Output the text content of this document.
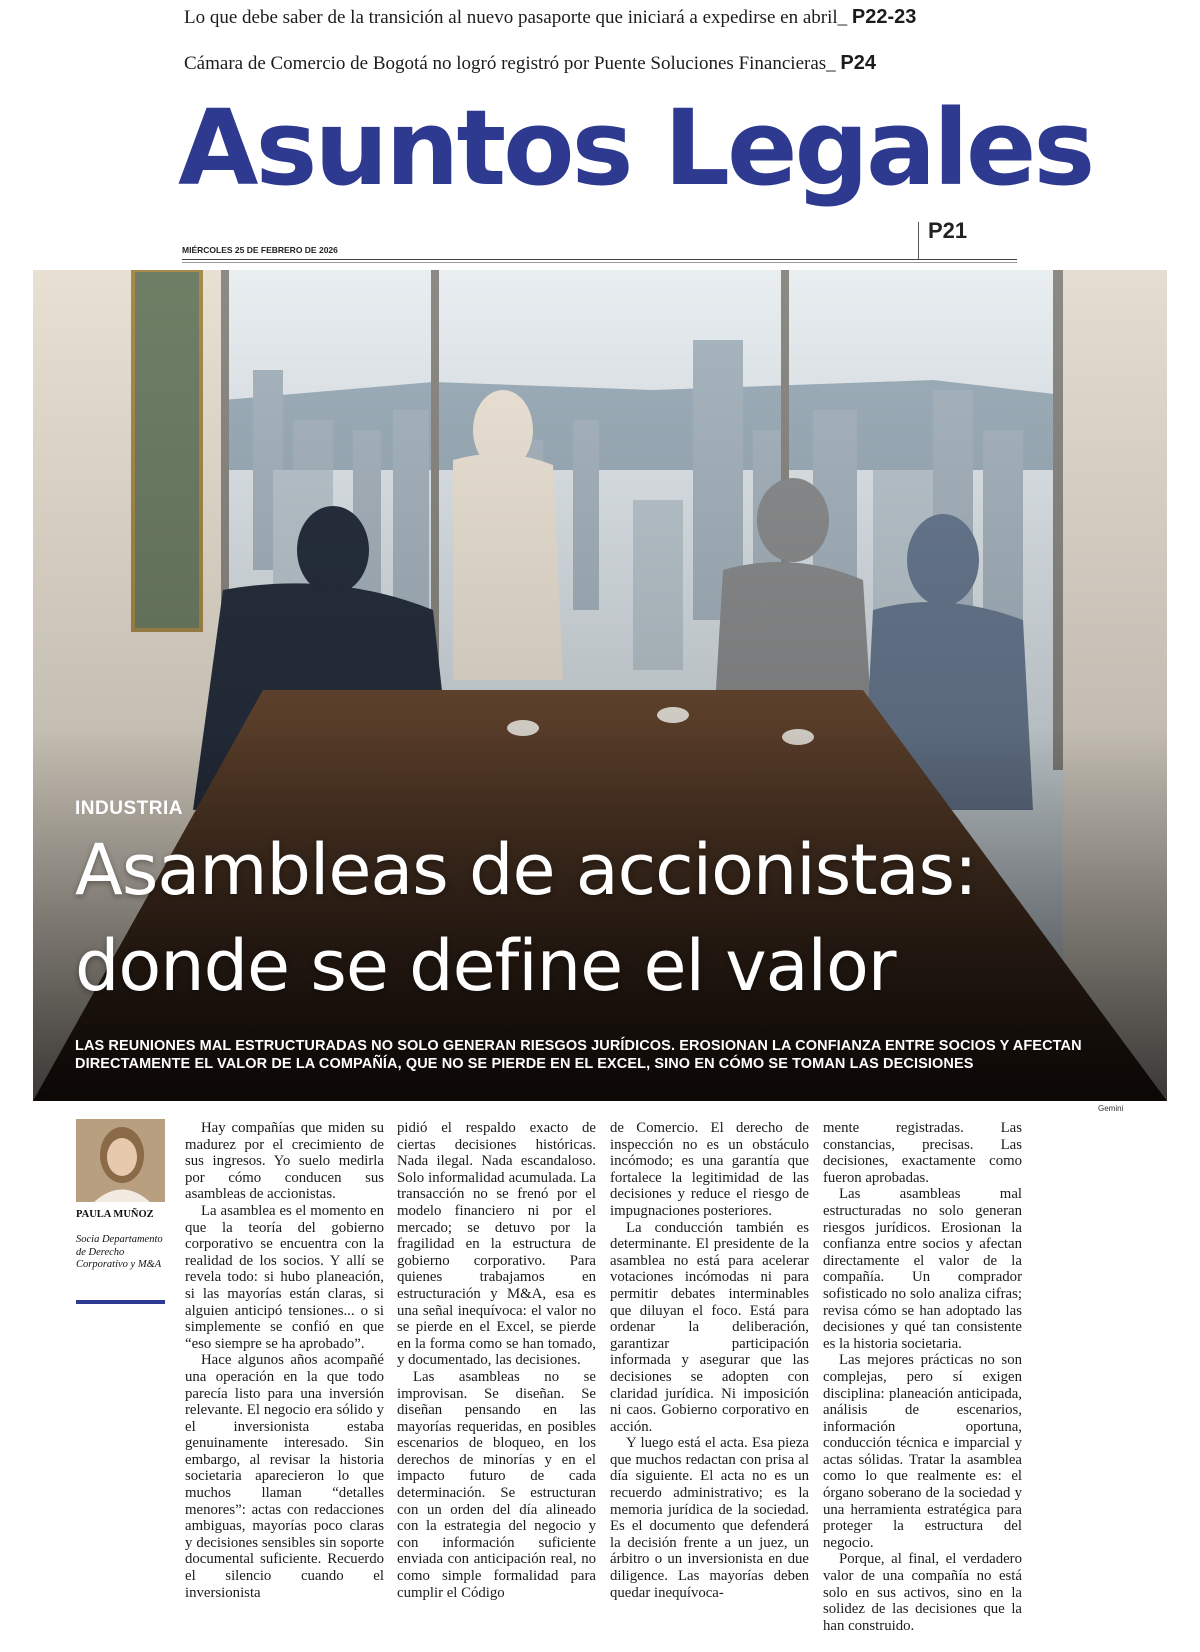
Lo que debe saber de la transición al nuevo pasaporte que iniciará a expedirse en abril_ P22-23
Cámara de Comercio de Bogotá no logró registró por Puente Soluciones Financieras_ P24
Asuntos Legales
MIÉRCOLES 25 DE FEBRERO DE 2026
P21
INDUSTRIA
Asambleas de accionistas: donde se define el valor
LAS REUNIONES MAL ESTRUCTURADAS NO SOLO GENERAN RIESGOS JURÍDICOS. EROSIONAN LA CONFIANZA ENTRE SOCIOS Y AFECTAN DIRECTAMENTE EL VALOR DE LA COMPAÑÍA, QUE NO SE PIERDE EN EL EXCEL, SINO EN CÓMO SE TOMAN LAS DECISIONES
Gemini
PAULA MUÑOZ
Socia Departamento de Derecho Corporativo y M&A

Hay compañías que miden su madurez por el crecimiento de sus ingresos. Yo suelo medirla por cómo conducen sus asambleas de accionistas.

La asamblea es el momento en que la teoría del gobierno corporativo se encuentra con la realidad de los socios. Y allí se revela todo: si hubo planeación, si las mayorías están claras, si alguien anticipó tensiones... o si simplemente se confió en que “eso siempre se ha aprobado”.

Hace algunos años acompañé una operación en la que todo parecía listo para una inversión relevante. El negocio era sólido y el inversionista estaba genuinamente interesado. Sin embargo, al revisar la historia societaria aparecieron lo que muchos llaman “detalles menores”: actas con redacciones ambiguas, mayorías poco claras y decisiones sensibles sin soporte documental suficiente. Recuerdo el silencio cuando el inversionista

pidió el respaldo exacto de ciertas decisiones históricas. Nada ilegal. Nada escandaloso. Solo informalidad acumulada. La transacción no se frenó por el modelo financiero ni por el mercado; se detuvo por la fragilidad en la estructura de gobierno corporativo. Para quienes trabajamos en estructuración y M&A, esa es una señal inequívoca: el valor no se pierde en el Excel, se pierde en la forma como se han tomado, y documentado, las decisiones.

Las asambleas no se improvisan. Se diseñan. Se diseñan pensando en las mayorías requeridas, en posibles escenarios de bloqueo, en los derechos de minorías y en el impacto futuro de cada determinación. Se estructuran con un orden del día alineado con la estrategia del negocio y con información suficiente enviada con anticipación real, no como simple formalidad para cumplir el Código

de Comercio. El derecho de inspección no es un obstáculo incómodo; es una garantía que fortalece la legitimidad de las decisiones y reduce el riesgo de impugnaciones posteriores.

La conducción también es determinante. El presidente de la asamblea no está para acelerar votaciones incómodas ni para permitir debates interminables que diluyan el foco. Está para ordenar la deliberación, garantizar participación informada y asegurar que las decisiones se adopten con claridad jurídica. Ni imposición ni caos. Gobierno corporativo en acción.

Y luego está el acta. Esa pieza que muchos redactan con prisa al día siguiente. El acta no es un recuerdo administrativo; es la memoria jurídica de la sociedad. Es el documento que defenderá la decisión frente a un juez, un árbitro o un inversionista en due diligence. Las mayorías deben quedar inequívoca-

mente registradas. Las constancias, precisas. Las decisiones, exactamente como fueron aprobadas.

Las asambleas mal estructuradas no solo generan riesgos jurídicos. Erosionan la confianza entre socios y afectan directamente el valor de la compañía. Un comprador sofisticado no solo analiza cifras; revisa cómo se han adoptado las decisiones y qué tan consistente es la historia societaria.

Las mejores prácticas no son complejas, pero sí exigen disciplina: planeación anticipada, análisis de escenarios, información oportuna, conducción técnica e imparcial y actas sólidas. Tratar la asamblea como lo que realmente es: el órgano soberano de la sociedad y una herramienta estratégica para proteger la estructura del negocio.

Porque, al final, el verdadero valor de una compañía no está solo en sus activos, sino en la solidez de las decisiones que la han construido.
